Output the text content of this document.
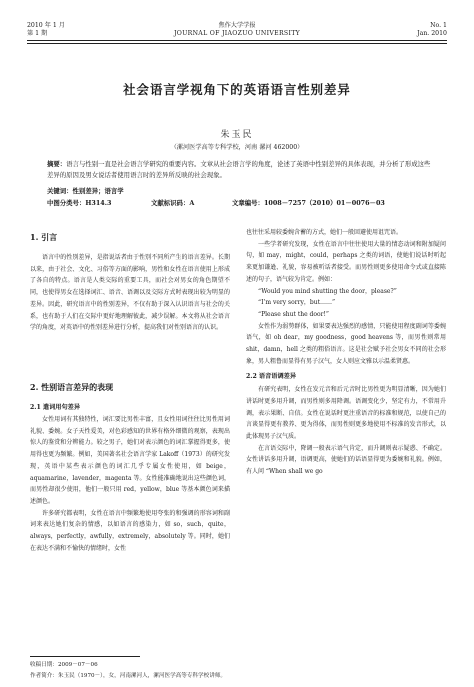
2010 年 1 月
第 1 期
焦作大学学报
JOURNAL OF JIAOZUO UNIVERSITY
No. 1
Jan. 2010
社会语言学视角下的英语语言性别差异
朱玉民
（漯河医学高等专科学校，河南 漯河 462000）
摘要：语言与性别一直是社会语言学研究的重要内容。文章从社会语言学的角度，论述了英语中性别差异的具体表现，并分析了形成这些差异的原因及男女说话者使用语言时的差异所反映的社会现象。
关键词：性别差异；语言学
中图分类号：H314.3	文献标识码：A	文章编号：1008－7257（2010）01－0076－03
1. 引言

语言中的性别差异，是指说话者由于性别不同所产生的语言差异。长期以来，由于社会、文化、习俗等方面的影响，男性和女性在语言使用上形成了各自的特点。语言是人类交际的重要工具，而社会对男女的角色期望不同，也使得男女在选择词汇、语音、语调以及交际方式时表现出较为明显的差异。因此，研究语言中的性别差异，不仅有助于深入认识语言与社会的关系，也有助于人们在交际中更好地理解彼此，减少误解。本文将从社会语言学的角度，对英语中的性别差异进行分析，提高我们对性别语言的认识。

2. 性别语言差异的表现
2.1 遣词用句差异

女性用词有其独特性，词汇要比男性丰富，且女性用词往往比男性用词礼貌、委婉。女子天性爱美，对色彩感知的世界有格外细微的观察，表现出惊人的鉴赏和分辨能力。较之男子，她们对表示颜色的词汇掌握得更多，使用得也更为频繁。例如，美国著名社会语言学家 Lakoff（1973）的研究发现，英语中某些表示颜色的词汇几乎专属女性使用，如 beige，aquamarine，lavender，magenta 等。女性能准确地说出这些颜色词，而男性却很少使用，他们一般只用 red，yellow，blue 等基本颜色词来描述颜色。

许多研究都表明，女性在语言中频繁地使用夸张的和强调的形容词和副词来表达她们复杂的情感，以如语言的感染力，如 so，such，quite，always，perfectly，awfully，extremely，absolutely 等。同时，她们在表达不满和不愉快的情绪时，女性

也往往采用较委婉含蓄的方式，她们一般回避使用诅咒语。

一些学者研究发现，女性在语言中往往使用大量的情态动词和附加疑问句，如 may，might，could，perhaps 之类的词语，使她们说话时听起来更加谦逊、礼貌，容易被听话者接受。而男性则更多使用命令式或直接陈述的句子，语气较为肯定。例如：

“Would you mind shutting the door，please?”

“I’m very sorry，but……”

“Please shut the door!”

女性作为弱势群体，如果要表达强烈的感情，只能使用程度副词等委婉语气，如 oh dear，my goodness，good heavens 等，而男性则常用 shit，damn，hell 之类的粗俗语言。这是社会赋予社会男女不同的社会形象，男人粗鲁而显得有男子汉气，女人则应文雅以示温柔贤惠。

2.2 语音语调差异

有研究表明，女性在发元音和后元音时比男性更为明显清晰，因为她们讲话时更多用升调，而男性则多用降调。语调变化少，坚定有力，不常用升调，表示果断、自信。女性在说话时更注重语音的标准和规范，以使自己的言谈显得更有教养、更为得体，而男性则更多地使用不标准的发音形式，以此体现男子汉气质。

在言语交际中，降调一般表示语气肯定，而升调则表示疑惑、不确定。女性讲话多用升调，语调更高，使她们的话语显得更为委婉和礼貌。例如，有人问 “When shall we go

收稿日期：2009－07－06
作者简介：朱玉民（1970－），女，河南漯河人，漯河医学高等专科学校讲师。
